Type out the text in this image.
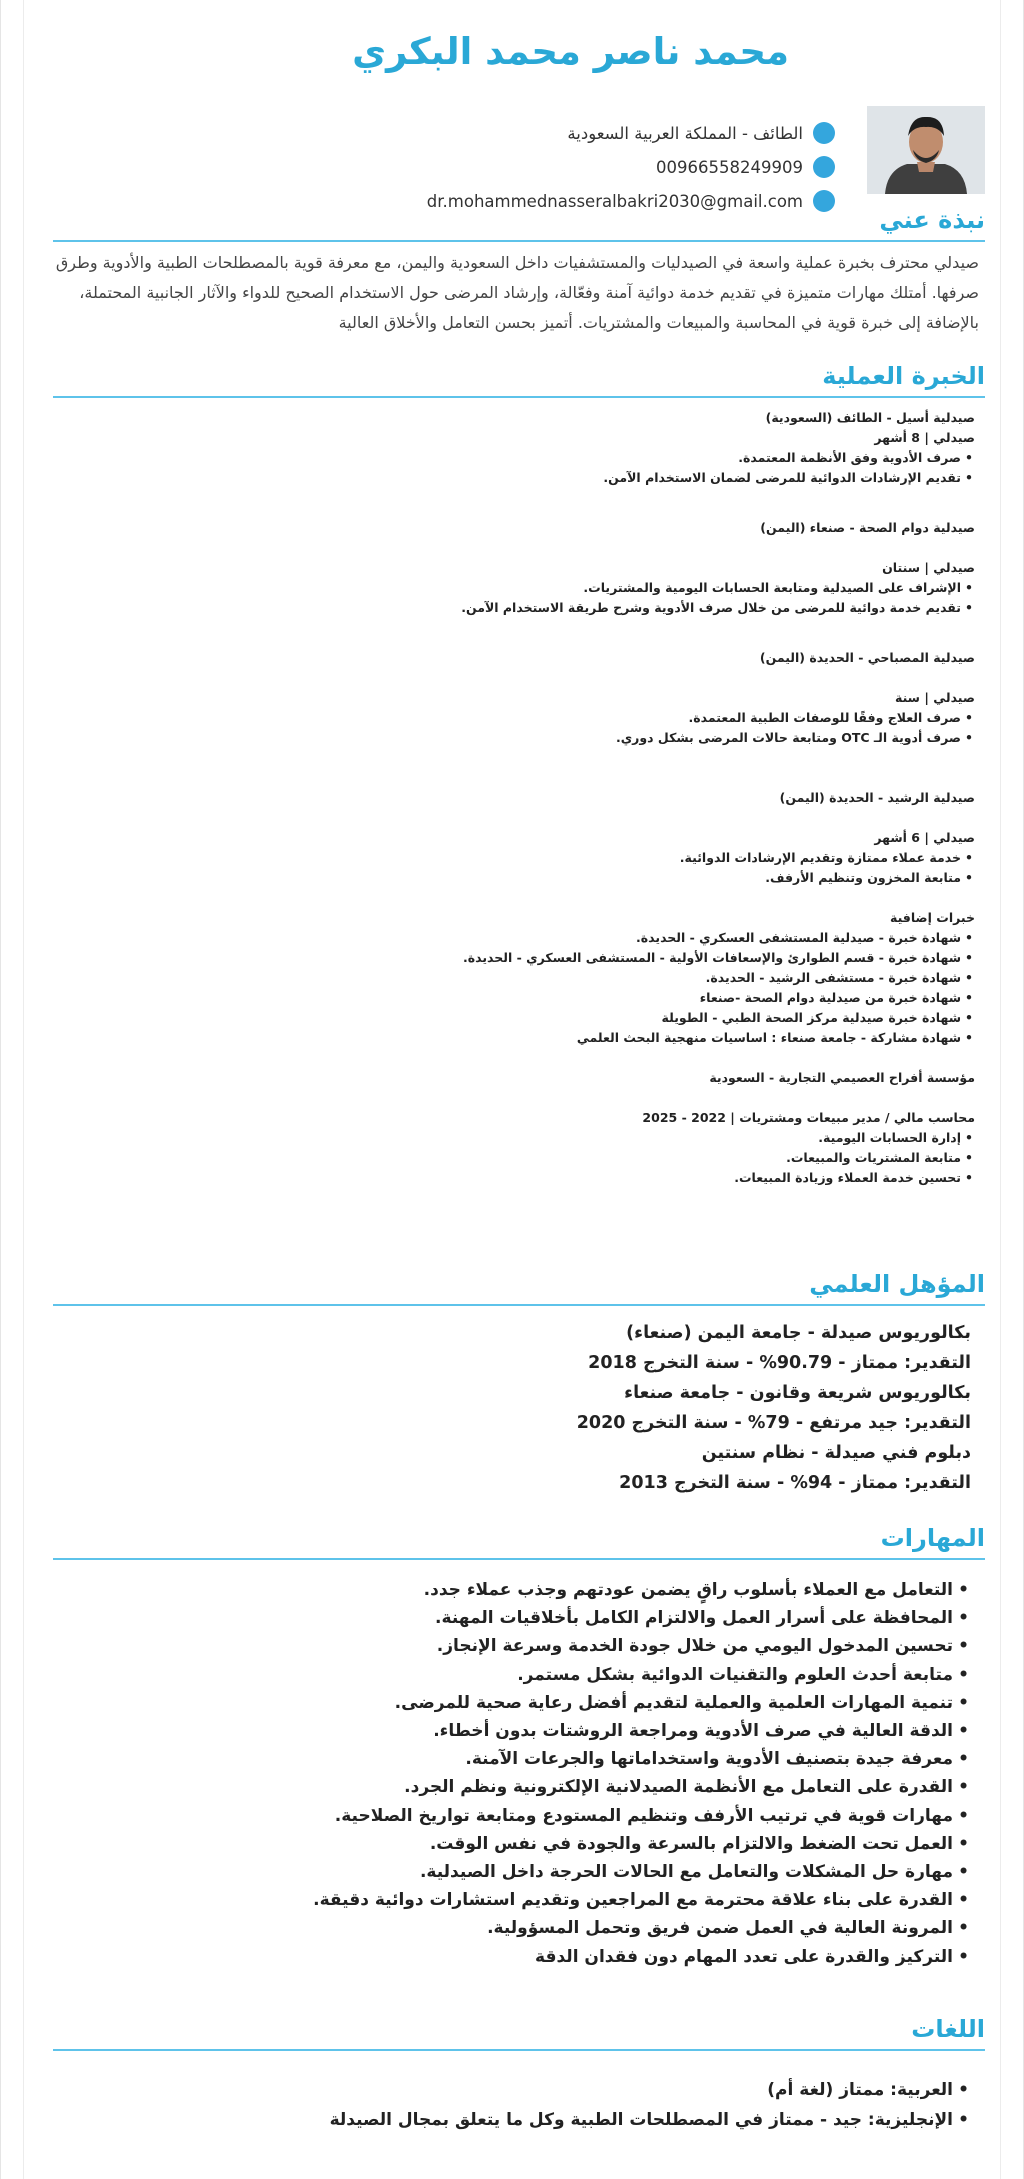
محمد ناصر محمد البكري
الطائف - المملكة العربية السعودية
00966558249909
dr.mohammednasseralbakri2030@gmail.com
نبذة عني

صيدلي محترف بخبرة عملية واسعة في الصيدليات والمستشفيات داخل السعودية واليمن، مع معرفة قوية بالمصطلحات الطبية والأدوية وطرق صرفها. أمتلك مهارات متميزة في تقديم خدمة دوائية آمنة وفعّالة، وإرشاد المرضى حول الاستخدام الصحيح للدواء والآثار الجانبية المحتملة، بالإضافة إلى خبرة قوية في المحاسبة والمبيعات والمشتريات. أتميز بحسن التعامل والأخلاق العالية

الخبرة العملية
صيدلية أسيل - الطائف (السعودية)
صيدلي | 8 أشهر
• صرف الأدوية وفق الأنظمة المعتمدة.
• تقديم الإرشادات الدوائية للمرضى لضمان الاستخدام الآمن.
صيدلية دوام الصحة - صنعاء (اليمن)
صيدلي | سنتان
• الإشراف على الصيدلية ومتابعة الحسابات اليومية والمشتريات.
• تقديم خدمة دوائية للمرضى من خلال صرف الأدوية وشرح طريقة الاستخدام الآمن.
صيدلية المصباحي - الحديدة (اليمن)
صيدلي | سنة
• صرف العلاج وفقًا للوصفات الطبية المعتمدة.
• صرف أدوية الـ OTC ومتابعة حالات المرضى بشكل دوري.
صيدلية الرشيد - الحديدة (اليمن)
صيدلي | 6 أشهر
• خدمة عملاء ممتازة وتقديم الإرشادات الدوائية.
• متابعة المخزون وتنظيم الأرفف.
خبرات إضافية
• شهادة خبرة - صيدلية المستشفى العسكري - الحديدة.
• شهادة خبرة - قسم الطوارئ والإسعافات الأولية - المستشفى العسكري - الحديدة.
• شهادة خبرة - مستشفى الرشيد - الحديدة.
• شهادة خبرة من صيدلية دوام الصحة -صنعاء
• شهادة خبرة صيدلية مركز الصحة الطبي - الطويلة
• شهادة مشاركة - جامعة صنعاء : اساسيات منهجية البحث العلمي
مؤسسة أفراح العصيمي التجارية - السعودية
محاسب مالي / مدير مبيعات ومشتريات | 2022 - 2025
• إدارة الحسابات اليومية.
• متابعة المشتريات والمبيعات.
• تحسين خدمة العملاء وزيادة المبيعات.
المؤهل العلمي
بكالوريوس صيدلة - جامعة اليمن (صنعاء)
التقدير: ممتاز - 90.79% - سنة التخرج 2018
بكالوريوس شريعة وقانون - جامعة صنعاء
التقدير: جيد مرتفع - 79% - سنة التخرج 2020
دبلوم فني صيدلة - نظام سنتين
التقدير: ممتاز - 94% - سنة التخرج 2013
المهارات
• التعامل مع العملاء بأسلوب راقٍ يضمن عودتهم وجذب عملاء جدد.
• المحافظة على أسرار العمل والالتزام الكامل بأخلاقيات المهنة.
• تحسين المدخول اليومي من خلال جودة الخدمة وسرعة الإنجاز.
• متابعة أحدث العلوم والتقنيات الدوائية بشكل مستمر.
• تنمية المهارات العلمية والعملية لتقديم أفضل رعاية صحية للمرضى.
• الدقة العالية في صرف الأدوية ومراجعة الروشتات بدون أخطاء.
• معرفة جيدة بتصنيف الأدوية واستخداماتها والجرعات الآمنة.
• القدرة على التعامل مع الأنظمة الصيدلانية الإلكترونية ونظم الجرد.
• مهارات قوية في ترتيب الأرفف وتنظيم المستودع ومتابعة تواريخ الصلاحية.
• العمل تحت الضغط والالتزام بالسرعة والجودة في نفس الوقت.
• مهارة حل المشكلات والتعامل مع الحالات الحرجة داخل الصيدلية.
• القدرة على بناء علاقة محترمة مع المراجعين وتقديم استشارات دوائية دقيقة.
• المرونة العالية في العمل ضمن فريق وتحمل المسؤولية.
• التركيز والقدرة على تعدد المهام دون فقدان الدقة
اللغات
• العربية: ممتاز (لغة أم)
• الإنجليزية: جيد - ممتاز في المصطلحات الطبية وكل ما يتعلق بمجال الصيدلة
